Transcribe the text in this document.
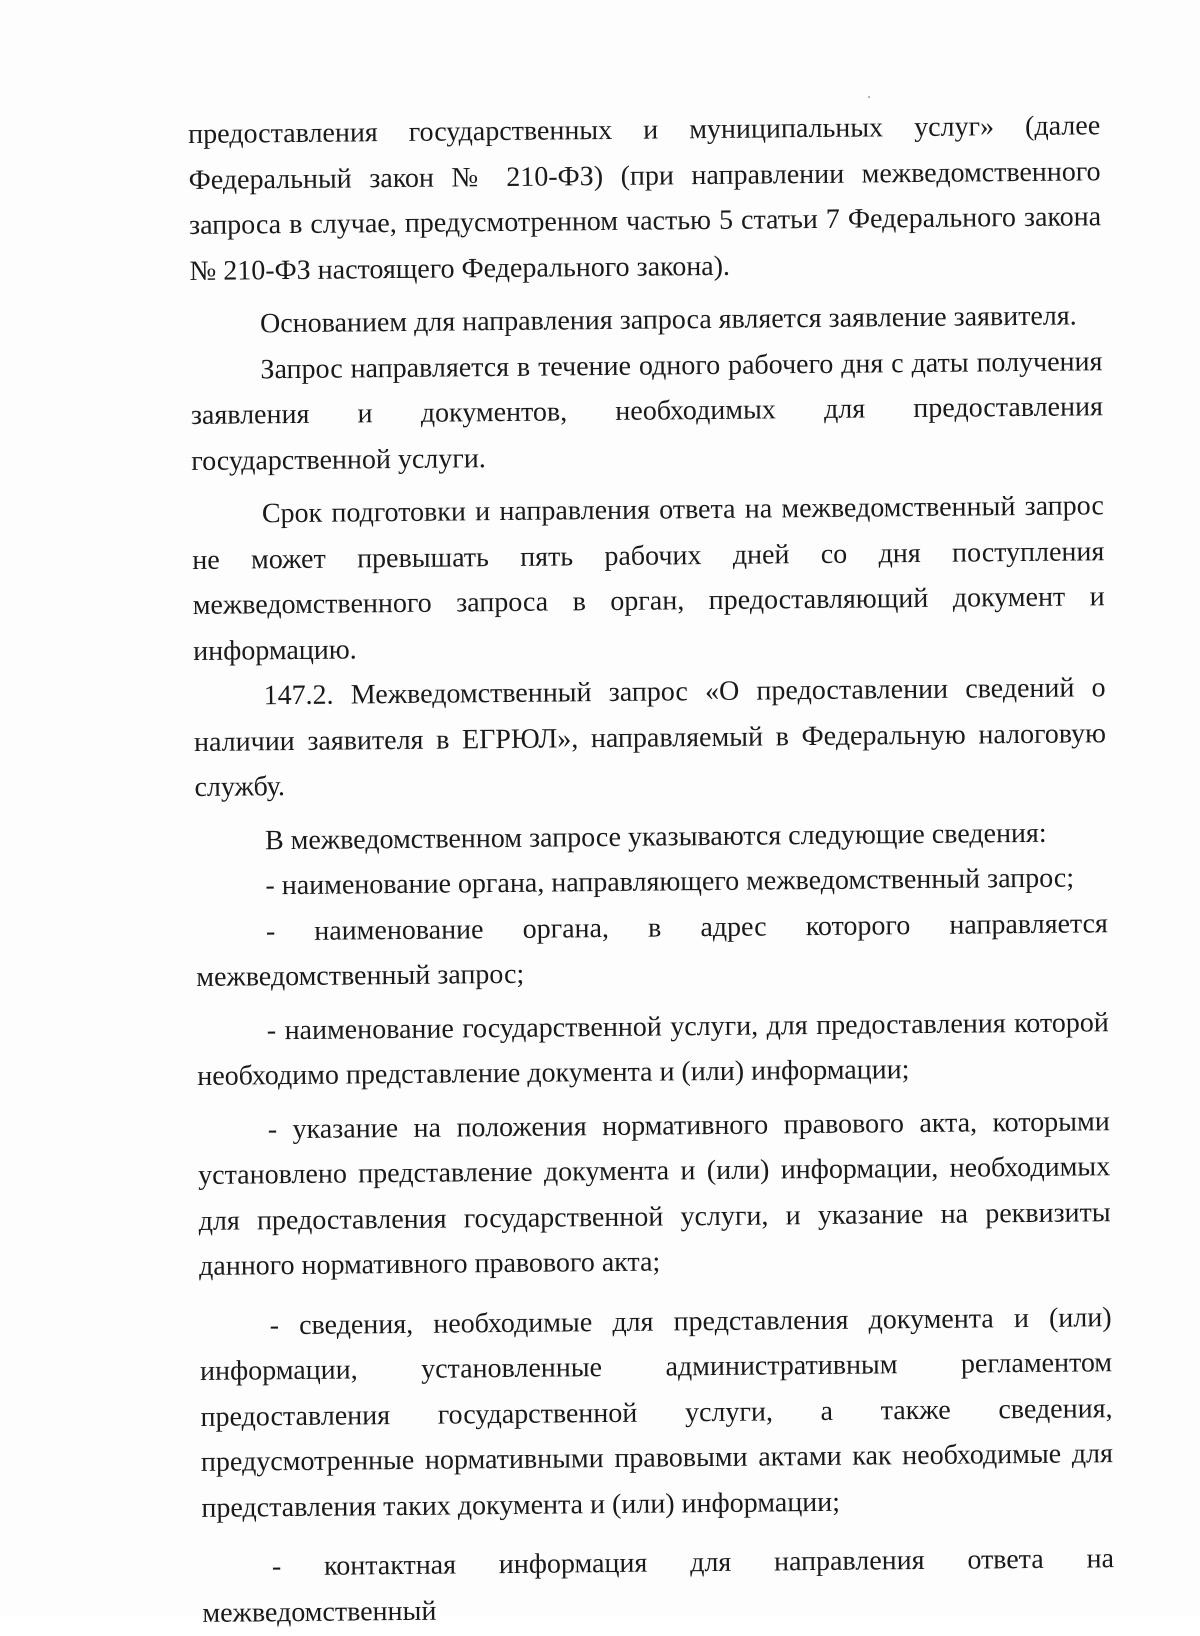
предоставления государственных и муниципальных услуг» (далее Федеральный закон № 210-ФЗ) (при направлении межведомственного запроса в случае, предусмотренном частью 5 статьи 7 Федерального закона № 210-ФЗ настоящего Федерального закона).

Основанием для направления запроса является заявление заявителя.

Запрос направляется в течение одного рабочего дня с даты получения заявления и документов, необходимых для предоставления государственной услуги.

Срок подготовки и направления ответа на межведомственный запрос не может превышать пять рабочих дней со дня поступления межведомственного запроса в орган, предоставляющий документ и информацию.

147.2. Межведомственный запрос «О предоставлении сведений о наличии заявителя в ЕГРЮЛ», направляемый в Федеральную налоговую службу.

В межведомственном запросе указываются следующие сведения:

- наименование органа, направляющего межведомственный запрос;

- наименование органа, в адрес которого направляется межведомственный запрос;

- наименование государственной услуги, для предоставления которой необходимо представление документа и (или) информации;

- указание на положения нормативного правового акта, которыми установлено представление документа и (или) информации, необходимых для предоставления государственной услуги, и указание на реквизиты данного нормативного правового акта;

- сведения, необходимые для представления документа и (или) информации, установленные административным регламентом предоставления государственной услуги, а также сведения, предусмотренные нормативными правовыми актами как необходимые для представления таких документа и (или) информации;

- контактная информация для направления ответа на межведомственный
